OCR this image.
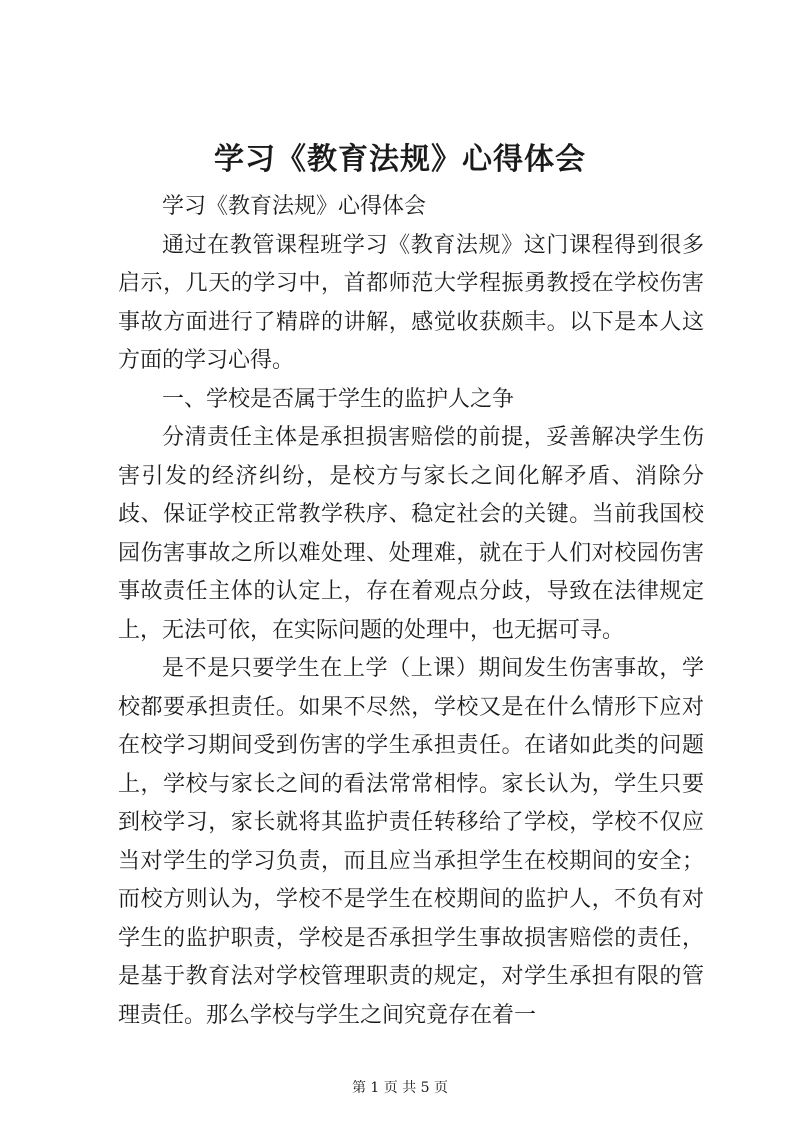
学习《教育法规》心得体会

学习《教育法规》心得体会

通过在教管课程班学习《教育法规》这门课程得到很多启示，几天的学习中，首都师范大学程振勇教授在学校伤害事故方面进行了精辟的讲解，感觉收获颇丰。以下是本人这方面的学习心得。

一、学校是否属于学生的监护人之争

分清责任主体是承担损害赔偿的前提，妥善解决学生伤害引发的经济纠纷，是校方与家长之间化解矛盾、消除分歧、保证学校正常教学秩序、稳定社会的关键。当前我国校园伤害事故之所以难处理、处理难，就在于人们对校园伤害事故责任主体的认定上，存在着观点分歧，导致在法律规定上，无法可依，在实际问题的处理中，也无据可寻。

是不是只要学生在上学（上课）期间发生伤害事故，学校都要承担责任。如果不尽然，学校又是在什么情形下应对在校学习期间受到伤害的学生承担责任。在诸如此类的问题上，学校与家长之间的看法常常相悖。家长认为，学生只要到校学习，家长就将其监护责任转移给了学校，学校不仅应当对学生的学习负责，而且应当承担学生在校期间的安全；而校方则认为，学校不是学生在校期间的监护人，不负有对学生的监护职责，学校是否承担学生事故损害赔偿的责任，是基于教育法对学校管理职责的规定，对学生承担有限的管理责任。那么学校与学生之间究竟存在着一

第 1 页 共 5 页
